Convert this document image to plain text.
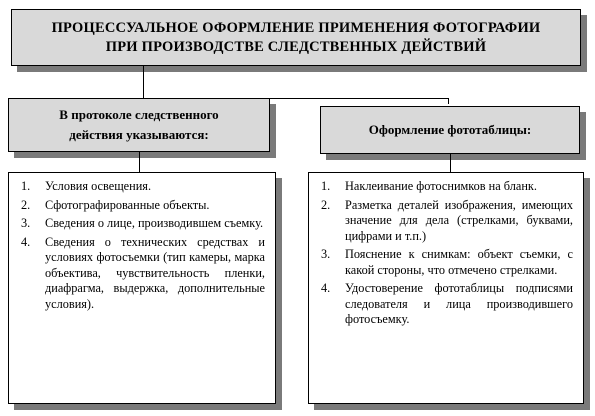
ПРОЦЕССУАЛЬНОЕ ОФОРМЛЕНИЕ ПРИМЕНЕНИЯ ФОТОГРАФИИ
ПРИ ПРОИЗВОДСТВЕ СЛЕДСТВЕННЫХ ДЕЙСТВИЙ
В протоколе следственного
действия указываются:	Оформление фототаблицы:
1.	Условия освещения.
2.	Сфотографированные объекты.
3.	Сведения о лице, производившем съемку.
4.	Сведения о технических средствах и условиях фотосъемки (тип камеры, марка объектива, чувствительность пленки, диафрагма, выдержка, дополнительные условия).
1.	Наклеивание фотоснимков на бланк.
2.	Разметка деталей изображения, имеющих значение для дела (стрелками, буквами, цифрами и т.п.)
3.	Пояснение к снимкам: объект съемки, с какой стороны, что отмечено стрелками.
4.	Удостоверение фототаблицы подписями следователя и лица производившего фотосъемку.
